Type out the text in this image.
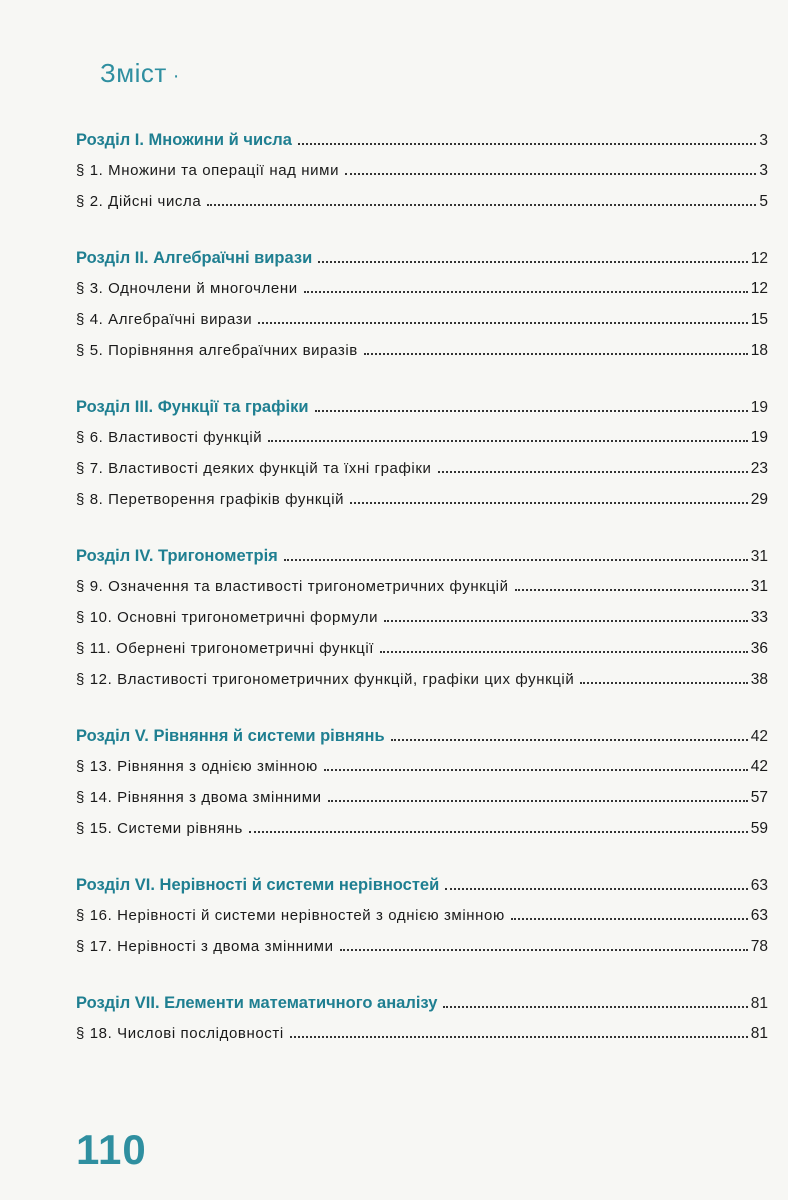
Зміст ·
Розділ I. Множини й числа	3
§ 1. Множини та операції над ними	3
§ 2. Дійсні числа	5
Розділ II. Алгебраїчні вирази	12
§ 3. Одночлени й многочлени	12
§ 4. Алгебраїчні вирази	15
§ 5. Порівняння алгебраїчних виразів	18
Розділ III. Функції та графіки	19
§ 6. Властивості функцій	19
§ 7. Властивості деяких функцій та їхні графіки	23
§ 8. Перетворення графіків функцій	29
Розділ IV. Тригонометрія	31
§ 9. Означення та властивості тригонометричних функцій	31
§ 10. Основні тригонометричні формули	33
§ 11. Обернені тригонометричні функції	36
§ 12. Властивості тригонометричних функцій, графіки цих функцій	38
Розділ V. Рівняння й системи рівнянь	42
§ 13. Рівняння з однією змінною	42
§ 14. Рівняння з двома змінними	57
§ 15. Системи рівнянь	59
Розділ VI. Нерівності й системи нерівностей	63
§ 16. Нерівності й системи нерівностей з однією змінною	63
§ 17. Нерівності з двома змінними	78
Розділ VII. Елементи математичного аналізу	81
§ 18. Числові послідовності	81
110
